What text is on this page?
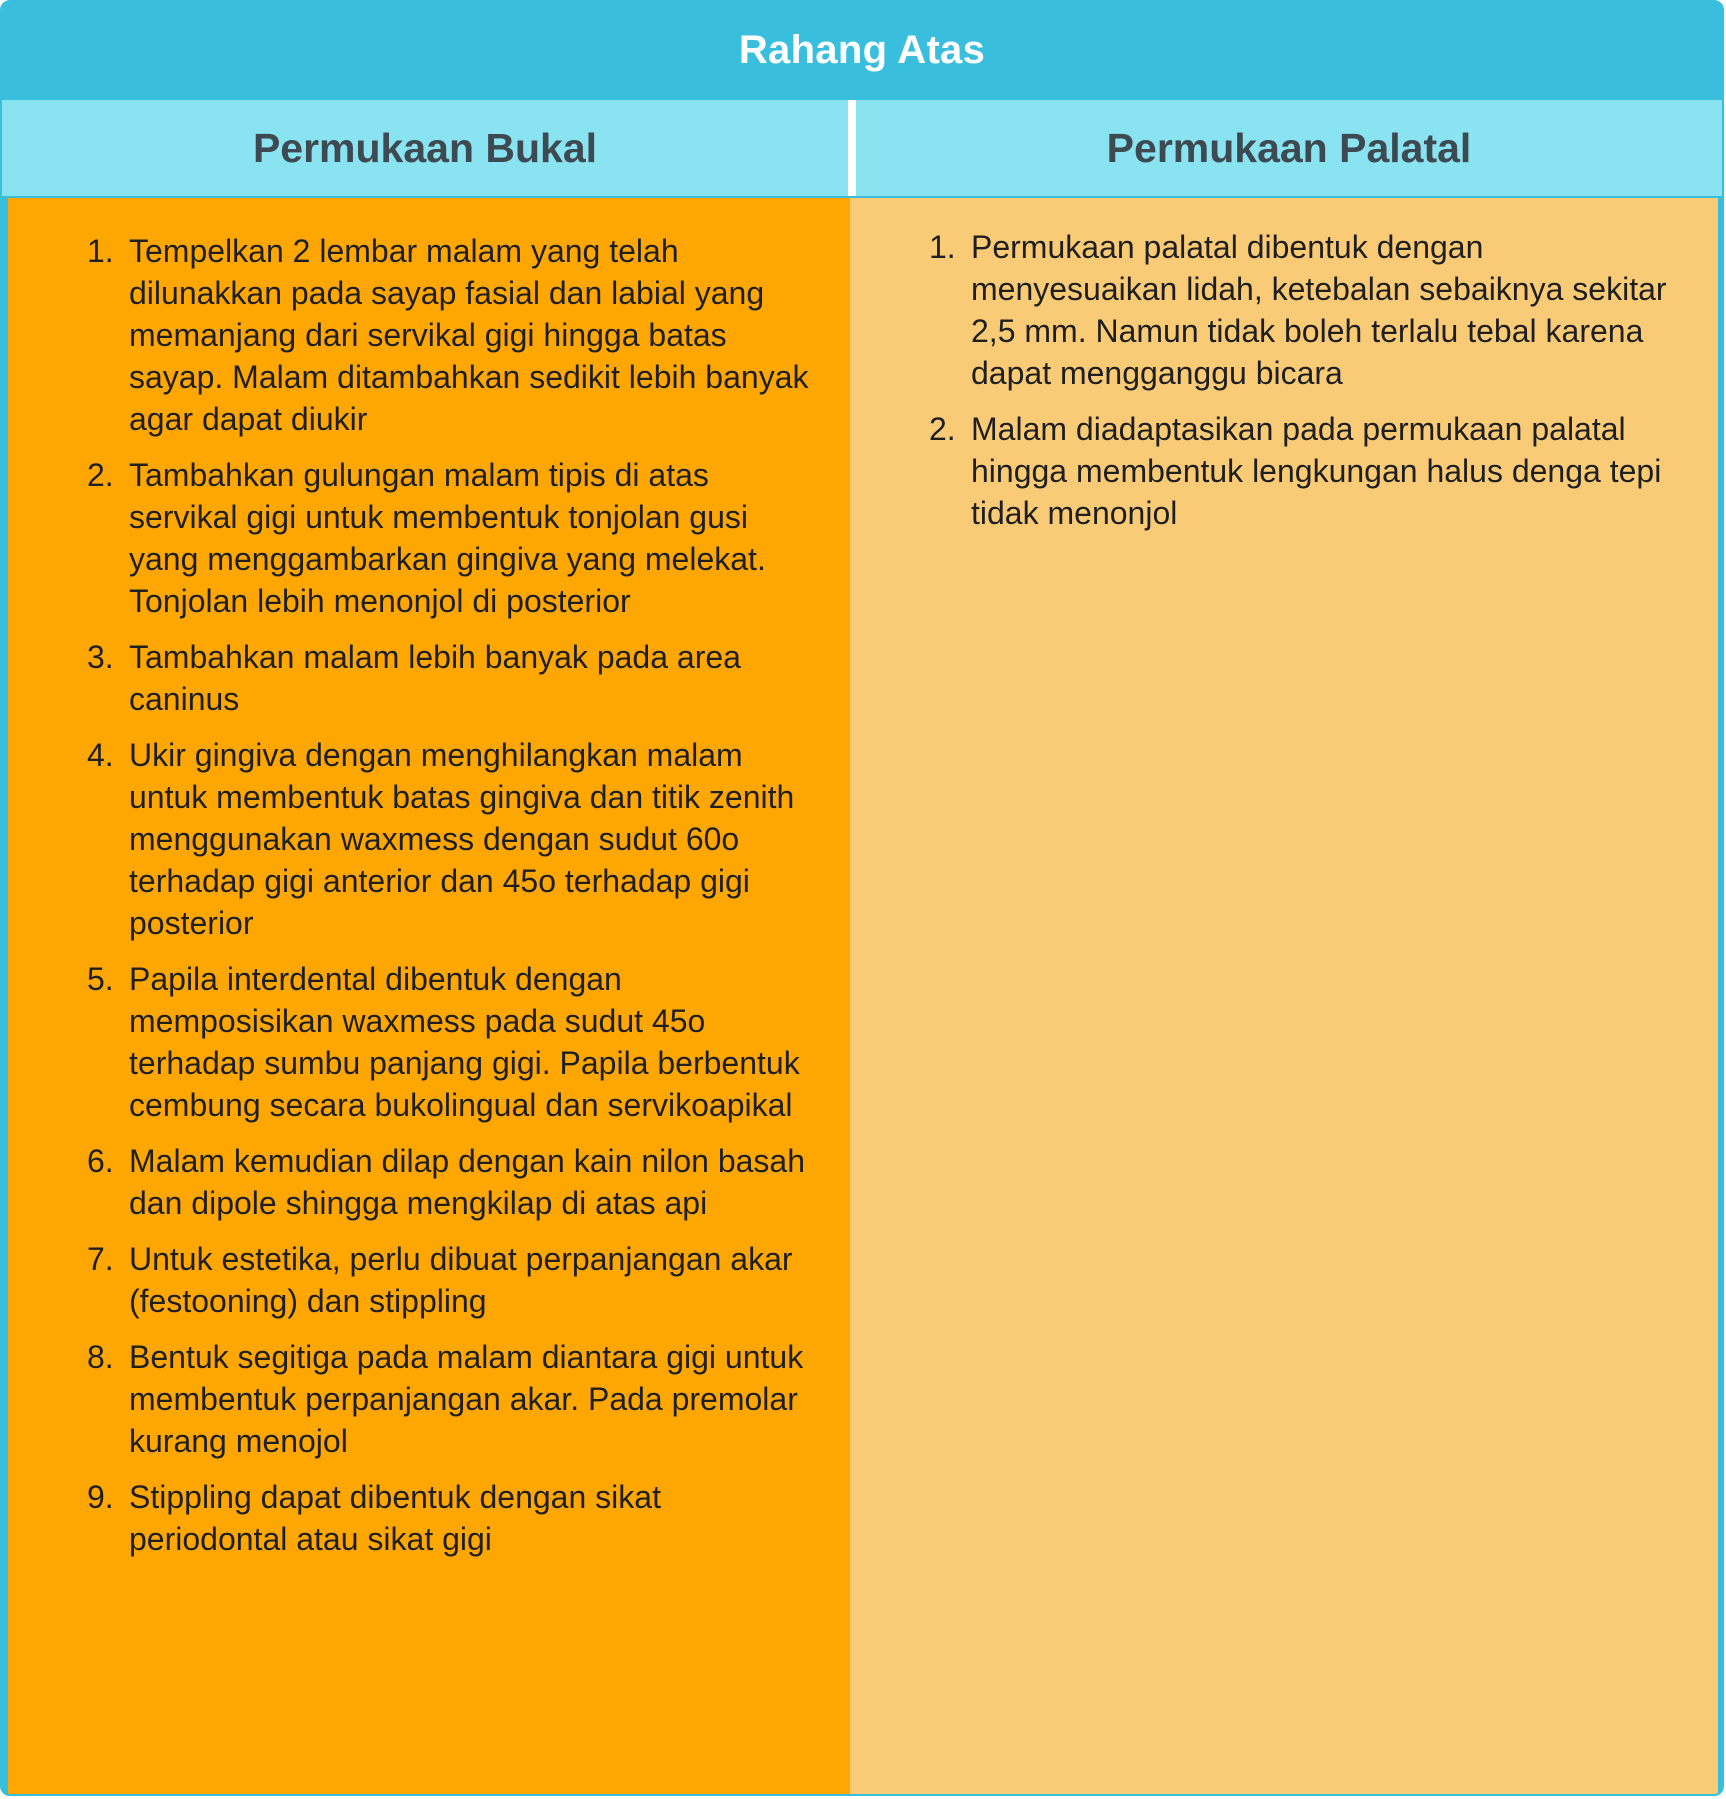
Rahang Atas
Permukaan Bukal	Permukaan Palatal
1. Tempelkan 2 lembar malam yang telah dilunakkan pada sayap fasial dan labial yang memanjang dari servikal gigi hingga batas sayap. Malam ditambahkan sedikit lebih banyak agar dapat diukir
2. Tambahkan gulungan malam tipis di atas servikal gigi untuk membentuk tonjolan gusi yang menggambarkan gingiva yang melekat. Tonjolan lebih menonjol di posterior
3. Tambahkan malam lebih banyak pada area caninus
4. Ukir gingiva dengan menghilangkan malam untuk membentuk batas gingiva dan titik zenith menggunakan waxmess dengan sudut 60o terhadap gigi anterior dan 45o terhadap gigi posterior
5. Papila interdental dibentuk dengan memposisikan waxmess pada sudut 45o terhadap sumbu panjang gigi. Papila berbentuk cembung secara bukolingual dan servikoapikal
6. Malam kemudian dilap dengan kain nilon basah dan dipole shingga mengkilap di atas api
7. Untuk estetika, perlu dibuat perpanjangan akar (festooning) dan stippling
8. Bentuk segitiga pada malam diantara gigi untuk membentuk perpanjangan akar. Pada premolar kurang menojol
9. Stippling dapat dibentuk dengan sikat periodontal atau sikat gigi
1. Permukaan palatal dibentuk dengan menyesuaikan lidah, ketebalan sebaiknya sekitar 2,5 mm. Namun tidak boleh terlalu tebal karena dapat mengganggu bicara
2. Malam diadaptasikan pada permukaan palatal hingga membentuk lengkungan halus denga tepi tidak menonjol
